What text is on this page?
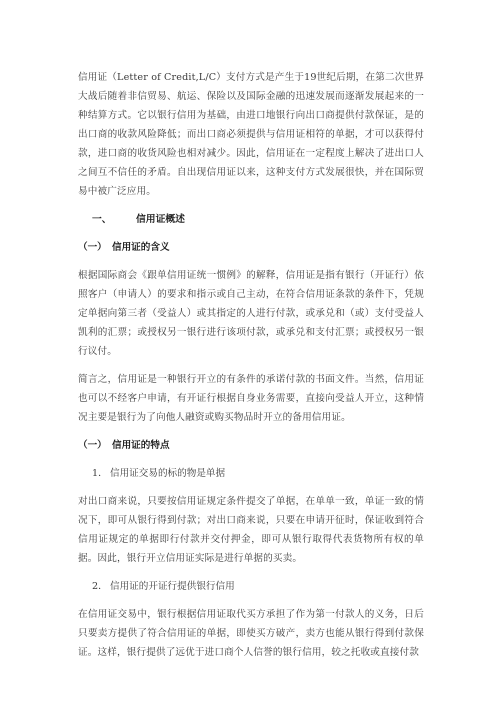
信用证（Letter of Credit,L/C）支付方式是产生于19世纪后期，在第二次世界大战后随着非信贸易、航运、保险以及国际金融的迅速发展而逐渐发展起来的一种结算方式。它以银行信用为基础，由进口地银行向出口商提供付款保证，是的出口商的收款风险降低；而出口商必须提供与信用证相符的单据，才可以获得付款，进口商的收货风险也相对减少。因此，信用证在一定程度上解决了进出口人之间互不信任的矛盾。自出现信用证以来，这种支付方式发展很快，并在国际贸易中被广泛应用。

一、 信用证概述

（一） 信用证的含义

根据国际商会《跟单信用证统一惯例》的解释，信用证是指有银行（开证行）依照客户（申请人）的要求和指示或自己主动，在符合信用证条款的条件下，凭规定单据向第三者（受益人）或其指定的人进行付款，或承兑和（或）支付受益人凯利的汇票；或授权另一银行进行该项付款，或承兑和支付汇票；或授权另一银行议付。

简言之，信用证是一种银行开立的有条件的承诺付款的书面文件。当然，信用证也可以不经客户申请，有开证行根据自身业务需要，直接向受益人开立，这种情况主要是银行为了向他人融资或购买物品时开立的备用信用证。

（一） 信用证的特点

1． 信用证交易的标的物是单据

对出口商来说，只要按信用证规定条件提交了单据，在单单一致，单证一致的情况下，即可从银行得到付款；对出口商来说，只要在申请开征时，保证收到符合信用证规定的单据即行付款并交付押金，即可从银行取得代表货物所有权的单据。因此，银行开立信用证实际是进行单据的买卖。

2． 信用证的开证行提供银行信用

在信用证交易中，银行根据信用证取代买方承担了作为第一付款人的义务，日后只要卖方提供了符合信用证的单据，即使买方破产，卖方也能从银行得到付款保证。这样，银行提供了远优于进口商个人信誉的银行信用，较之托收或直接付款
